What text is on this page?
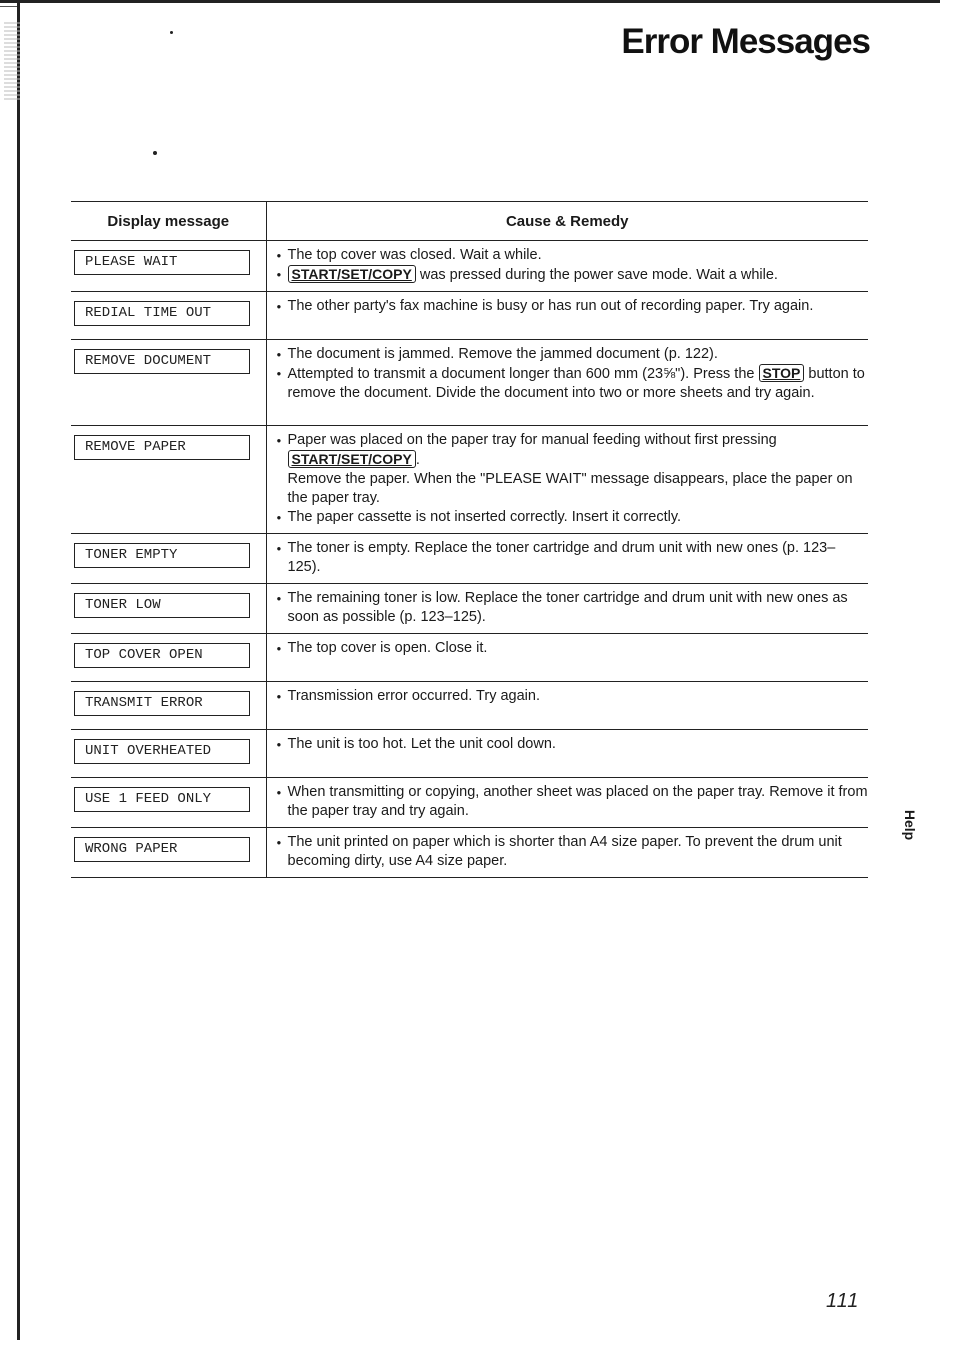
Error Messages
Display message	Cause & Remedy

PLEASE WAIT	● The top cover was closed. Wait a while.
● START/SET/COPY was pressed during the power save mode. Wait a while.

REDIAL TIME OUT	● The other party's fax machine is busy or has run out of recording paper. Try again.

REMOVE DOCUMENT	● The document is jammed. Remove the jammed document (p. 122).
● Attempted to transmit a document longer than 600 mm (23⅝"). Press the STOP button to remove the document. Divide the document into two or more sheets and try again.

REMOVE PAPER	● Paper was placed on the paper tray for manual feeding without first pressing START/SET/COPY .
Remove the paper. When the "PLEASE WAIT" message disappears, place the paper on the paper tray.
● The paper cassette is not inserted correctly. Insert it correctly.

TONER EMPTY	● The toner is empty. Replace the toner cartridge and drum unit with new ones (p. 123–125).

TONER LOW	● The remaining toner is low. Replace the toner cartridge and drum unit with new ones as soon as possible (p. 123–125).

TOP COVER OPEN	● The top cover is open. Close it.

TRANSMIT ERROR	● Transmission error occurred. Try again.

UNIT OVERHEATED	● The unit is too hot. Let the unit cool down.

USE 1 FEED ONLY	● When transmitting or copying, another sheet was placed on the paper tray. Remove it from the paper tray and try again.

WRONG PAPER	● The unit printed on paper which is shorter than A4 size paper. To prevent the drum unit becoming dirty, use A4 size paper.
Help
111
